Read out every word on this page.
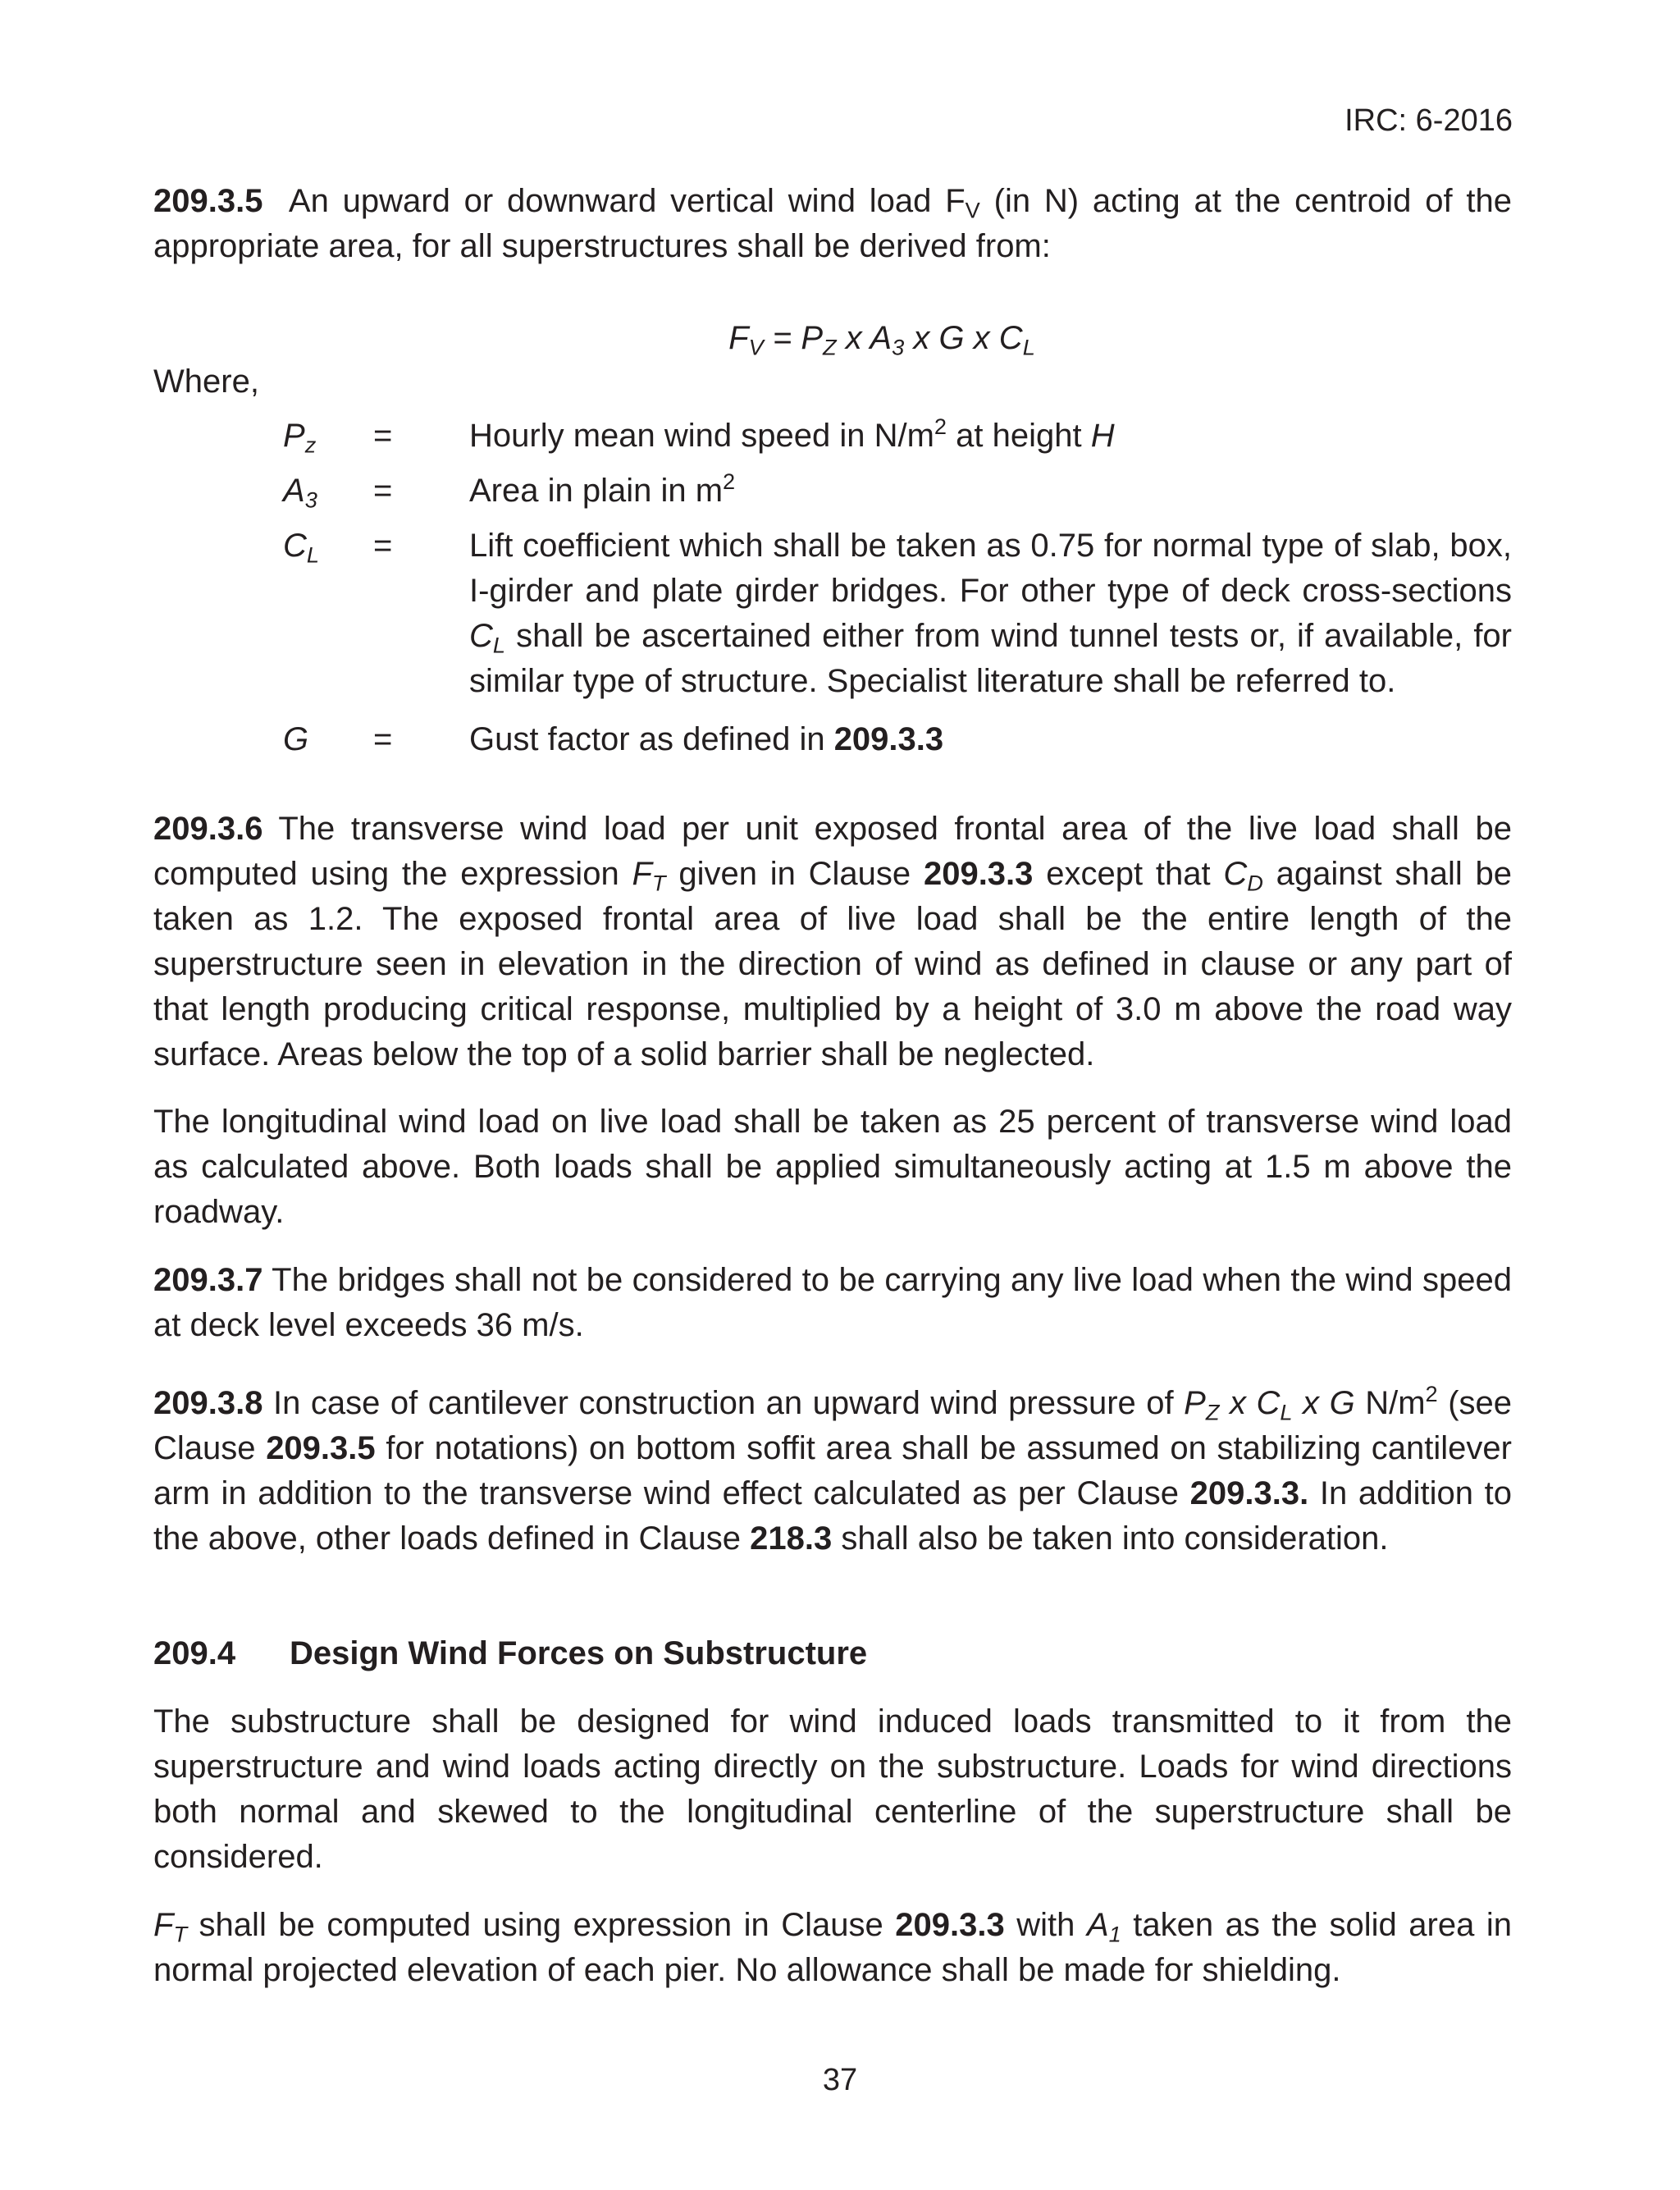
IRC: 6-2016

209.3.5 An upward or downward vertical wind load $F_V$ (in N) acting at the centroid of the appropriate area, for all superstructures shall be derived from:

$F_V = P_Z$ x $A_3$ x G x $C_L$
Where,
$P_z$	=	Hourly mean wind speed in $N/m^2$ at height H
$A_3$	=	Area in plain in $m^2$
$C_L$	=	Lift coefficient which shall be taken as 0.75 for normal type of slab, box, I-girder and plate girder bridges. For other type of deck cross-sections $C_L$ shall be ascertained either from wind tunnel tests or, if available, for similar type of structure. Specialist literature shall be referred to.
G	=	Gust factor as defined in 209.3.3

209.3.6 The transverse wind load per unit exposed frontal area of the live load shall be computed using the expression $F_T$ given in Clause 209.3.3 except that $C_D$ against shall be taken as 1.2. The exposed frontal area of live load shall be the entire length of the superstructure seen in elevation in the direction of wind as defined in clause or any part of that length producing critical response, multiplied by a height of 3.0 m above the road way surface. Areas below the top of a solid barrier shall be neglected.

The longitudinal wind load on live load shall be taken as 25 percent of transverse wind load as calculated above. Both loads shall be applied simultaneously acting at 1.5 m above the roadway.

209.3.7 The bridges shall not be considered to be carrying any live load when the wind speed at deck level exceeds 36 m/s.

209.3.8 In case of cantilever construction an upward wind pressure of $P_Z$ x $C_L$ x G $N/m^2$ (see Clause 209.3.5 for notations) on bottom soffit area shall be assumed on stabilizing cantilever arm in addition to the transverse wind effect calculated as per Clause 209.3.3. In addition to the above, other loads defined in Clause 218.3 shall also be taken into consideration.

209.4 Design Wind Forces on Substructure

The substructure shall be designed for wind induced loads transmitted to it from the superstructure and wind loads acting directly on the substructure. Loads for wind directions both normal and skewed to the longitudinal centerline of the superstructure shall be considered.

$F_T$ shall be computed using expression in Clause 209.3.3 with $A_1$ taken as the solid area in normal projected elevation of each pier. No allowance shall be made for shielding.

37
